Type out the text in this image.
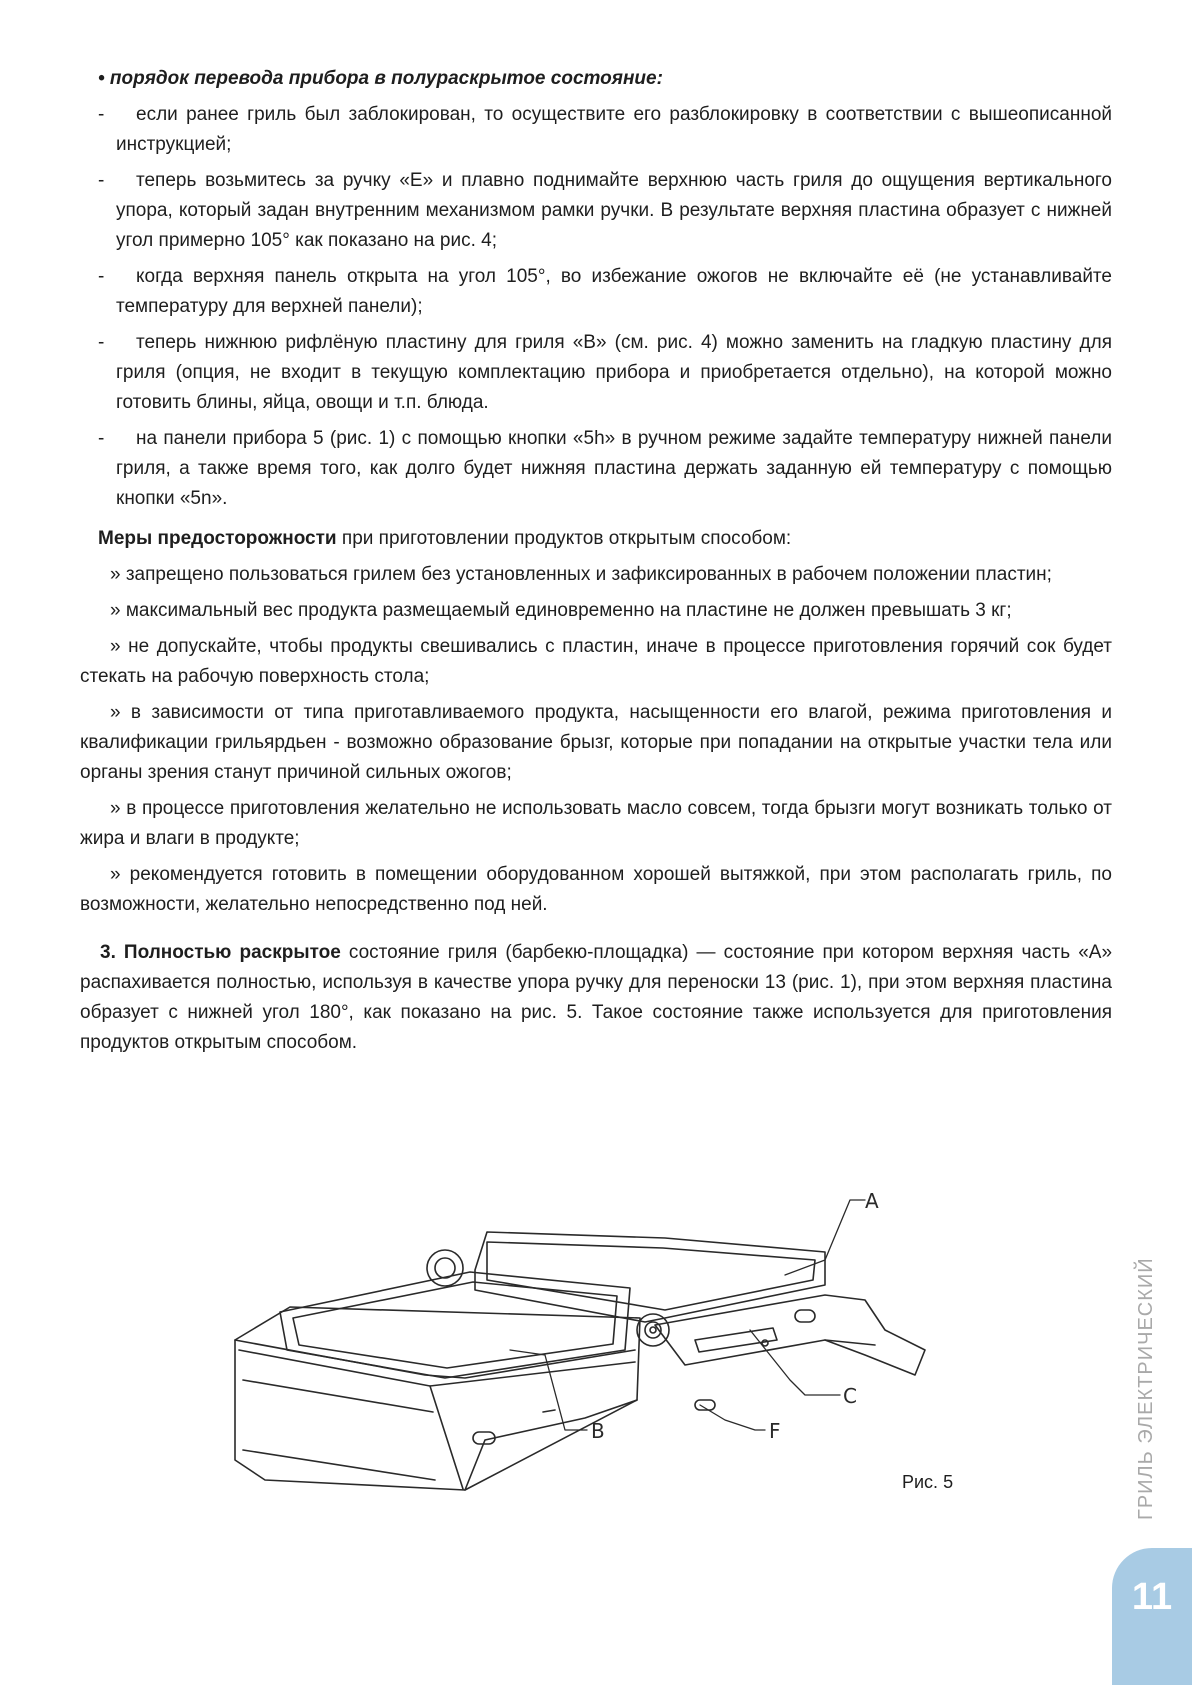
• порядок перевода прибора в полураскрытое состояние:

-	если ранее гриль был заблокирован, то осуществите его разблокировку в соответствии с вышеописанной инструкцией;
-	теперь возьмитесь за ручку «Е» и плавно поднимайте верхнюю часть гриля до ощущения вертикального упора, который задан внутренним механизмом рамки ручки. В результате верхняя пластина образует с нижней угол примерно 105° как показано на рис. 4;
-	когда верхняя панель открыта на угол 105°, во избежание ожогов не включайте её (не устанавливайте температуру для верхней панели);
-	теперь нижнюю рифлёную пластину для гриля «В» (см. рис. 4) можно заменить на гладкую пластину для гриля (опция, не входит в текущую комплектацию прибора и приобретается отдельно), на которой можно готовить блины, яйца, овощи и т.п. блюда.
-	на панели прибора 5 (рис. 1) с помощью кнопки «5h» в ручном режиме задайте температуру нижней панели гриля, а также время того, как долго будет нижняя пластина держать заданную ей температуру с помощью кнопки «5n».

Меры предосторожности при приготовлении продуктов открытым способом:

» запрещено пользоваться грилем без установленных и зафиксированных в рабочем положении пластин;

» максимальный вес продукта размещаемый единовременно на пластине не должен превышать 3 кг;

» не допускайте, чтобы продукты свешивались с пластин, иначе в процессе приготовления горячий сок будет стекать на рабочую поверхность стола;

» в зависимости от типа приготавливаемого продукта, насыщенности его влагой, режима приготовления и квалификации грильярдьен - возможно образование брызг, которые при попадании на открытые участки тела или органы зрения станут причиной сильных ожогов;

» в процессе приготовления желательно не использовать масло совсем, тогда брызги могут возникать только от жира и влаги в продукте;

» рекомендуется готовить в помещении оборудованном хорошей вытяжкой, при этом располагать гриль, по возможности, желательно непосредственно под ней.

3. Полностью раскрытое состояние гриля (барбекю-площадка) — состояние при котором верхняя часть «А» распахивается полностью, используя в качестве упора ручку для переноски 13 (рис. 1), при этом верхняя пластина образует с нижней угол 180°, как показано на рис. 5. Такое состояние также используется для приготовления продуктов открытым способом.

A
B
C
F
Рис. 5	ГРИЛЬ ЭЛЕКТРИЧЕСКИЙ
11
